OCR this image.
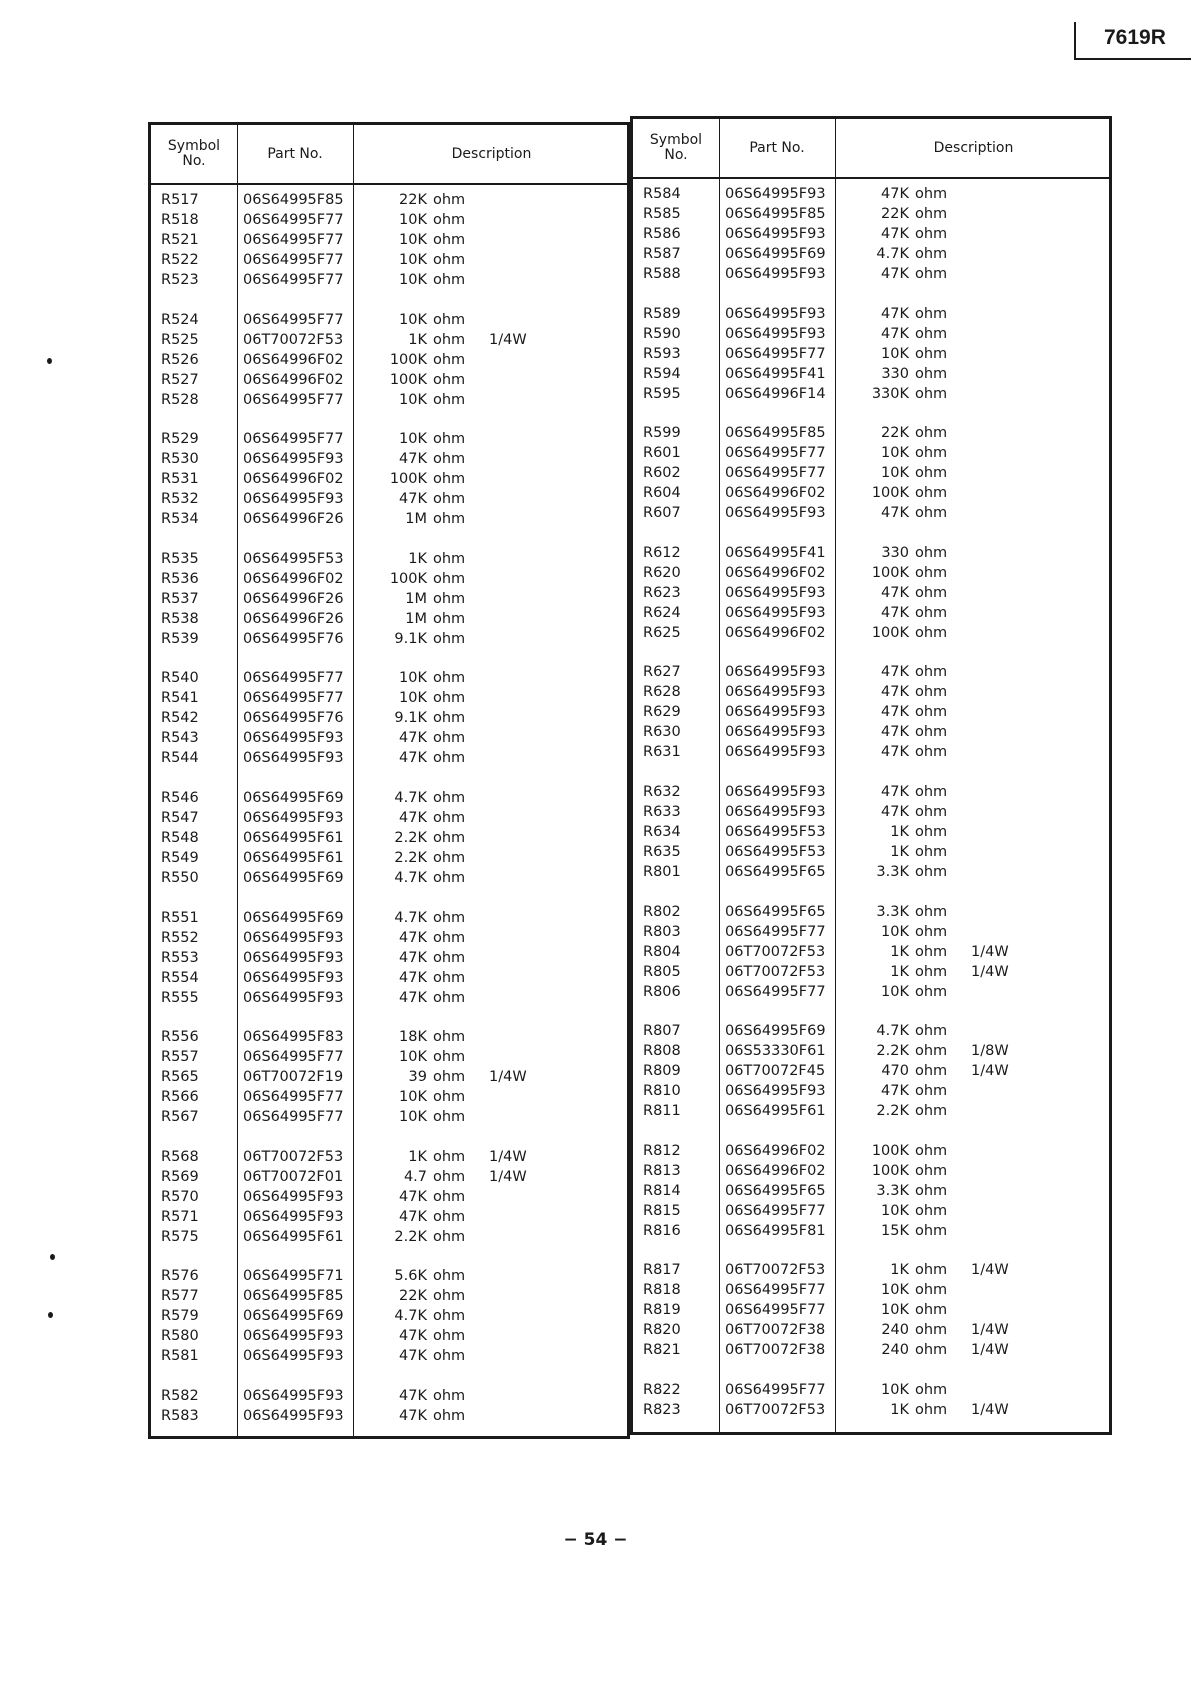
7619R
Symbol
No.	Part No.	Description
R517	06S64995F85	22K ohm
R518	06S64995F77	10K ohm
R521	06S64995F77	10K ohm
R522	06S64995F77	10K ohm
R523	06S64995F77	10K ohm
R524	06S64995F77	10K ohm
R525	06T70072F53	1K ohm 1/4W
R526	06S64996F02	100K ohm
R527	06S64996F02	100K ohm
R528	06S64995F77	10K ohm
R529	06S64995F77	10K ohm
R530	06S64995F93	47K ohm
R531	06S64996F02	100K ohm
R532	06S64995F93	47K ohm
R534	06S64996F26	1M ohm
R535	06S64995F53	1K ohm
R536	06S64996F02	100K ohm
R537	06S64996F26	1M ohm
R538	06S64996F26	1M ohm
R539	06S64995F76	9.1K ohm
R540	06S64995F77	10K ohm
R541	06S64995F77	10K ohm
R542	06S64995F76	9.1K ohm
R543	06S64995F93	47K ohm
R544	06S64995F93	47K ohm
R546	06S64995F69	4.7K ohm
R547	06S64995F93	47K ohm
R548	06S64995F61	2.2K ohm
R549	06S64995F61	2.2K ohm
R550	06S64995F69	4.7K ohm
R551	06S64995F69	4.7K ohm
R552	06S64995F93	47K ohm
R553	06S64995F93	47K ohm
R554	06S64995F93	47K ohm
R555	06S64995F93	47K ohm
R556	06S64995F83	18K ohm
R557	06S64995F77	10K ohm
R565	06T70072F19	39 ohm 1/4W
R566	06S64995F77	10K ohm
R567	06S64995F77	10K ohm
R568	06T70072F53	1K ohm 1/4W
R569	06T70072F01	4.7 ohm 1/4W
R570	06S64995F93	47K ohm
R571	06S64995F93	47K ohm
R575	06S64995F61	2.2K ohm
R576	06S64995F71	5.6K ohm
R577	06S64995F85	22K ohm
R579	06S64995F69	4.7K ohm
R580	06S64995F93	47K ohm
R581	06S64995F93	47K ohm
R582	06S64995F93	47K ohm
R583	06S64995F93	47K ohm
Symbol
No.	Part No.	Description
R584	06S64995F93	47K ohm
R585	06S64995F85	22K ohm
R586	06S64995F93	47K ohm
R587	06S64995F69	4.7K ohm
R588	06S64995F93	47K ohm
R589	06S64995F93	47K ohm
R590	06S64995F93	47K ohm
R593	06S64995F77	10K ohm
R594	06S64995F41	330 ohm
R595	06S64996F14	330K ohm
R599	06S64995F85	22K ohm
R601	06S64995F77	10K ohm
R602	06S64995F77	10K ohm
R604	06S64996F02	100K ohm
R607	06S64995F93	47K ohm
R612	06S64995F41	330 ohm
R620	06S64996F02	100K ohm
R623	06S64995F93	47K ohm
R624	06S64995F93	47K ohm
R625	06S64996F02	100K ohm
R627	06S64995F93	47K ohm
R628	06S64995F93	47K ohm
R629	06S64995F93	47K ohm
R630	06S64995F93	47K ohm
R631	06S64995F93	47K ohm
R632	06S64995F93	47K ohm
R633	06S64995F93	47K ohm
R634	06S64995F53	1K ohm
R635	06S64995F53	1K ohm
R801	06S64995F65	3.3K ohm
R802	06S64995F65	3.3K ohm
R803	06S64995F77	10K ohm
R804	06T70072F53	1K ohm 1/4W
R805	06T70072F53	1K ohm 1/4W
R806	06S64995F77	10K ohm
R807	06S64995F69	4.7K ohm
R808	06S53330F61	2.2K ohm 1/8W
R809	06T70072F45	470 ohm 1/4W
R810	06S64995F93	47K ohm
R811	06S64995F61	2.2K ohm
R812	06S64996F02	100K ohm
R813	06S64996F02	100K ohm
R814	06S64995F65	3.3K ohm
R815	06S64995F77	10K ohm
R816	06S64995F81	15K ohm
R817	06T70072F53	1K ohm 1/4W
R818	06S64995F77	10K ohm
R819	06S64995F77	10K ohm
R820	06T70072F38	240 ohm 1/4W
R821	06T70072F38	240 ohm 1/4W
R822	06S64995F77	10K ohm
R823	06T70072F53	1K ohm 1/4W
− 54 −
